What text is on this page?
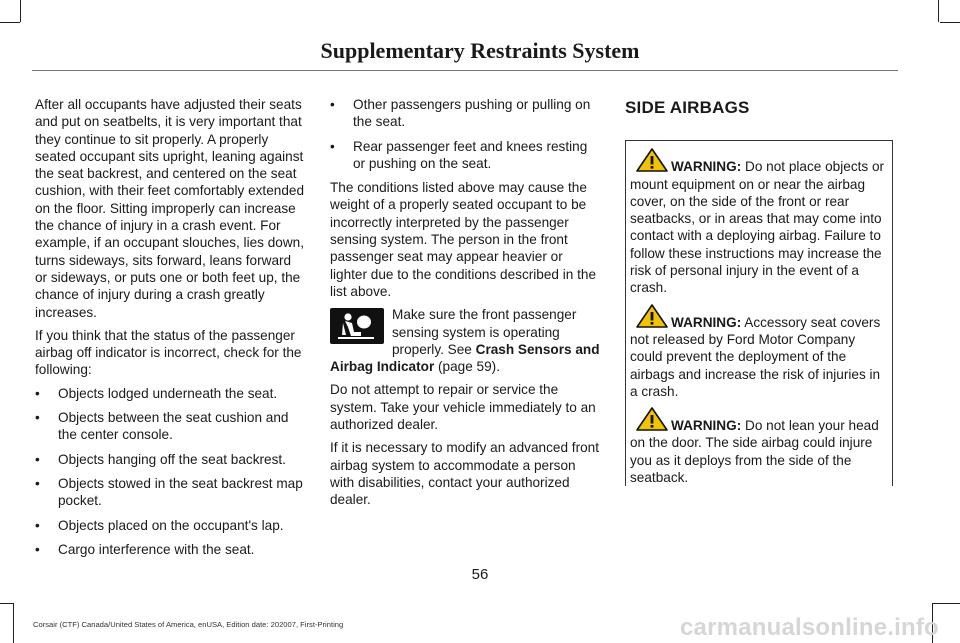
Supplementary Restraints System

After all occupants have adjusted their seats and put on seatbelts, it is very important that they continue to sit properly. A properly seated occupant sits upright, leaning against the seat backrest, and centered on the seat cushion, with their feet comfortably extended on the floor. Sitting improperly can increase the chance of injury in a crash event. For example, if an occupant slouches, lies down, turns sideways, sits forward, leans forward or sideways, or puts one or both feet up, the chance of injury during a crash greatly increases.

If you think that the status of the passenger airbag off indicator is incorrect, check for the following:

• Objects lodged underneath the seat.
• Objects between the seat cushion and the center console.
• Objects hanging off the seat backrest.
• Objects stowed in the seat backrest map pocket.
• Objects placed on the occupant's lap.
• Cargo interference with the seat.
• Other passengers pushing or pulling on the seat.
• Rear passenger feet and knees resting or pushing on the seat.

The conditions listed above may cause the weight of a properly seated occupant to be incorrectly interpreted by the passenger sensing system. The person in the front passenger seat may appear heavier or lighter due to the conditions described in the list above.

Make sure the front passenger sensing system is operating properly. See Crash Sensors and Airbag Indicator (page 59).

Do not attempt to repair or service the system. Take your vehicle immediately to an authorized dealer.

If it is necessary to modify an advanced front airbag system to accommodate a person with disabilities, contact your authorized dealer.

SIDE AIRBAGS

WARNING: Do not place objects or mount equipment on or near the airbag cover, on the side of the front or rear seatbacks, or in areas that may come into contact with a deploying airbag. Failure to follow these instructions may increase the risk of personal injury in the event of a crash.

WARNING: Accessory seat covers not released by Ford Motor Company could prevent the deployment of the airbags and increase the risk of injuries in a crash.

WARNING: Do not lean your head on the door. The side airbag could injure you as it deploys from the side of the seatback.

56
Corsair (CTF) Canada/United States of America, enUSA, Edition date: 202007, First-Printing	carmanualsonline.info
